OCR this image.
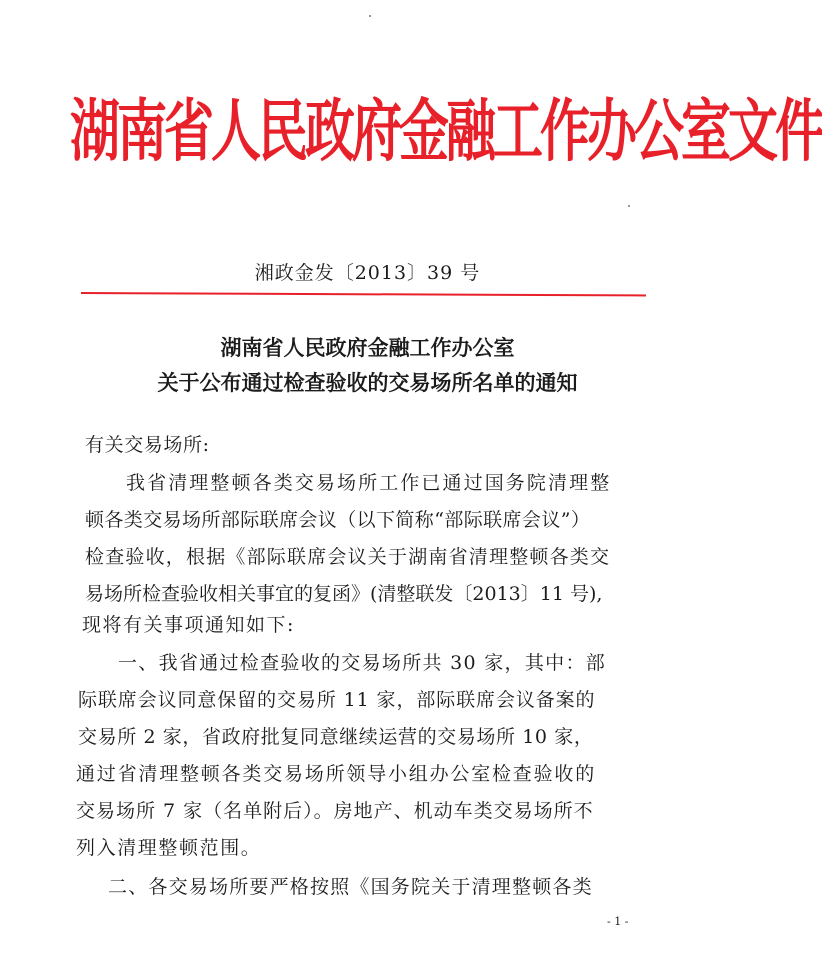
湖南省人民政府金融工作办公室文件
湘政金发〔2013〕39 号
湖南省人民政府金融工作办公室
关于公布通过检查验收的交易场所名单的通知
有关交易场所:
我省清理整顿各类交易场所工作已通过国务院清理整
顿各类交易场所部际联席会议（以下简称“部际联席会议”）
检查验收，根据《部际联席会议关于湖南省清理整顿各类交
易场所检查验收相关事宜的复函》(清整联发〔2013〕11 号),
现将有关事项通知如下:
一、我省通过检查验收的交易场所共 30 家，其中：部
际联席会议同意保留的交易所 11 家，部际联席会议备案的
交易所 2 家，省政府批复同意继续运营的交易场所 10 家，
通过省清理整顿各类交易场所领导小组办公室检查验收的
交易场所 7 家（名单附后）。房地产、机动车类交易场所不
列入清理整顿范围。
二、各交易场所要严格按照《国务院关于清理整顿各类
- 1 -
